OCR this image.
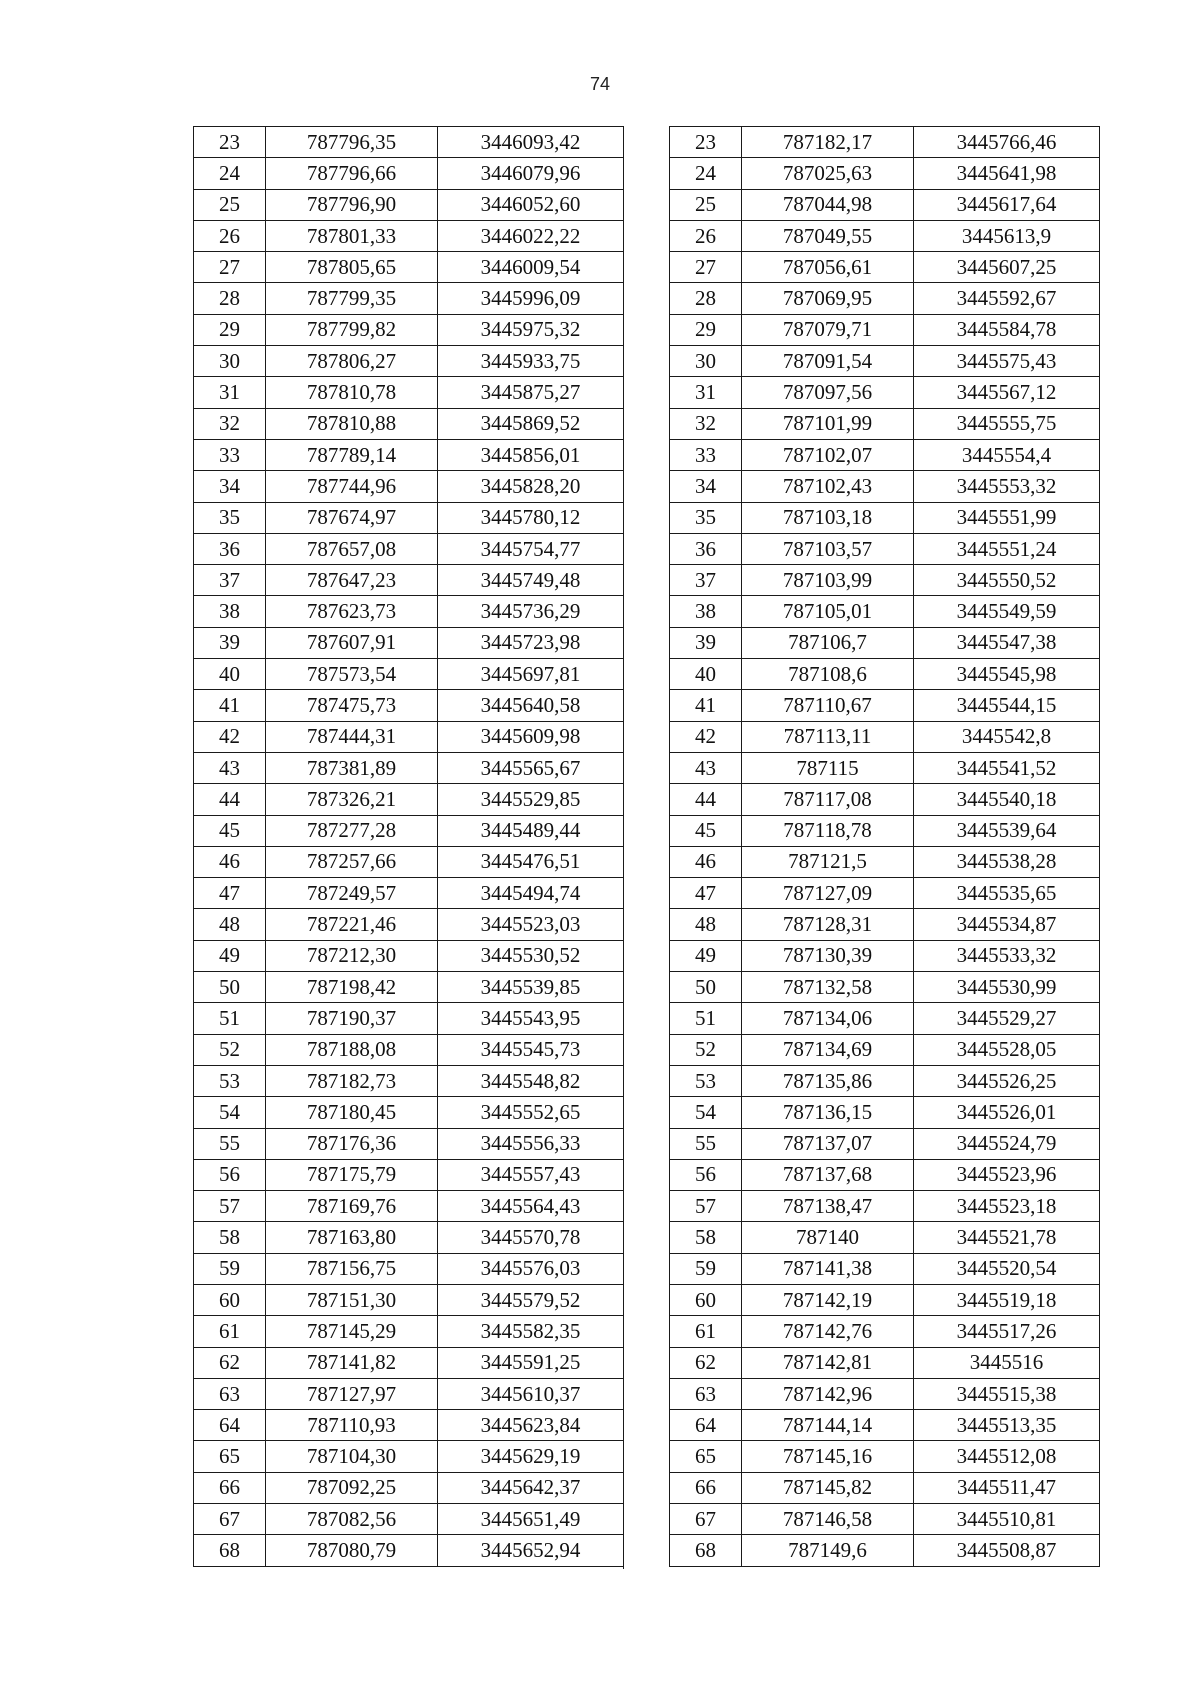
74
23	787796,35	3446093,42
24	787796,66	3446079,96
25	787796,90	3446052,60
26	787801,33	3446022,22
27	787805,65	3446009,54
28	787799,35	3445996,09
29	787799,82	3445975,32
30	787806,27	3445933,75
31	787810,78	3445875,27
32	787810,88	3445869,52
33	787789,14	3445856,01
34	787744,96	3445828,20
35	787674,97	3445780,12
36	787657,08	3445754,77
37	787647,23	3445749,48
38	787623,73	3445736,29
39	787607,91	3445723,98
40	787573,54	3445697,81
41	787475,73	3445640,58
42	787444,31	3445609,98
43	787381,89	3445565,67
44	787326,21	3445529,85
45	787277,28	3445489,44
46	787257,66	3445476,51
47	787249,57	3445494,74
48	787221,46	3445523,03
49	787212,30	3445530,52
50	787198,42	3445539,85
51	787190,37	3445543,95
52	787188,08	3445545,73
53	787182,73	3445548,82
54	787180,45	3445552,65
55	787176,36	3445556,33
56	787175,79	3445557,43
57	787169,76	3445564,43
58	787163,80	3445570,78
59	787156,75	3445576,03
60	787151,30	3445579,52
61	787145,29	3445582,35
62	787141,82	3445591,25
63	787127,97	3445610,37
64	787110,93	3445623,84
65	787104,30	3445629,19
66	787092,25	3445642,37
67	787082,56	3445651,49
68	787080,79	3445652,94
23	787182,17	3445766,46
24	787025,63	3445641,98
25	787044,98	3445617,64
26	787049,55	3445613,9
27	787056,61	3445607,25
28	787069,95	3445592,67
29	787079,71	3445584,78
30	787091,54	3445575,43
31	787097,56	3445567,12
32	787101,99	3445555,75
33	787102,07	3445554,4
34	787102,43	3445553,32
35	787103,18	3445551,99
36	787103,57	3445551,24
37	787103,99	3445550,52
38	787105,01	3445549,59
39	787106,7	3445547,38
40	787108,6	3445545,98
41	787110,67	3445544,15
42	787113,11	3445542,8
43	787115	3445541,52
44	787117,08	3445540,18
45	787118,78	3445539,64
46	787121,5	3445538,28
47	787127,09	3445535,65
48	787128,31	3445534,87
49	787130,39	3445533,32
50	787132,58	3445530,99
51	787134,06	3445529,27
52	787134,69	3445528,05
53	787135,86	3445526,25
54	787136,15	3445526,01
55	787137,07	3445524,79
56	787137,68	3445523,96
57	787138,47	3445523,18
58	787140	3445521,78
59	787141,38	3445520,54
60	787142,19	3445519,18
61	787142,76	3445517,26
62	787142,81	3445516
63	787142,96	3445515,38
64	787144,14	3445513,35
65	787145,16	3445512,08
66	787145,82	3445511,47
67	787146,58	3445510,81
68	787149,6	3445508,87
